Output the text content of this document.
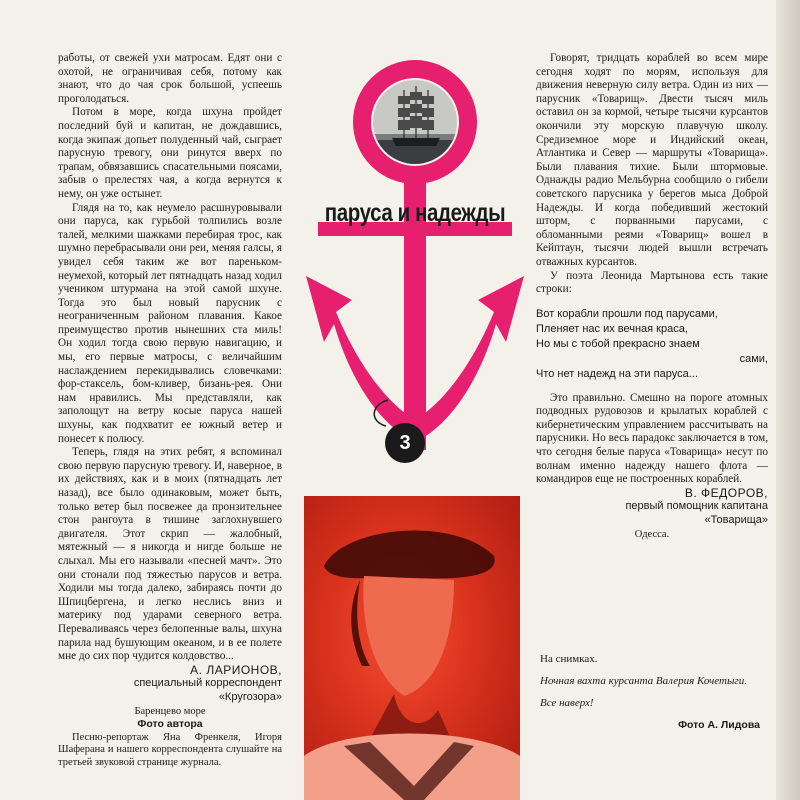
работы, от свежей ухи матросам. Едят они с охотой, не ограничивая себя, потому как знают, что до чая срок большой, успеешь проголодаться.

Потом в море, когда шхуна пройдет последний буй и капитан, не дождавшись, когда экипаж допьет полуденный чай, сыграет парусную тревогу, они ринутся вверх по трапам, обвязавшись спасательными поясами, забыв о прелестях чая, а когда вернутся к нему, он уже остынет.

Глядя на то, как неумело расшнуровывали они паруса, как гурьбой толпились возле талей, мелкими шажками перебирая трос, как шумно перебрасывали они реи, меняя галсы, я увидел себя таким же вот пареньком-неумехой, который лет пятнадцать назад ходил учеником штурмана на этой самой шхуне. Тогда это был новый парусник с неограниченным районом плавания. Какое преимущество против нынешних ста миль! Он ходил тогда свою первую навигацию, и мы, его первые матросы, с величайшим наслаждением перекидывались словечками: фор-стаксель, бом-кливер, бизань-рея. Они нам нравились. Мы представляли, как заполощут на ветру косые паруса нашей шхуны, как подхватит ее южный ветер и понесет к полюсу.

Теперь, глядя на этих ребят, я вспоминал свою первую парусную тревогу. И, наверное, в их действиях, как и в моих (пятнадцать лет назад), все было одинаковым, может быть, только ветер был посвежее да пронзительнее стон рангоута в тишине заглохнувшего двигателя. Этот скрип — жалобный, мятежный — я никогда и нигде больше не слыхал. Мы его называли «песней мачт». Это они стонали под тяжестью парусов и ветра. Ходили мы тогда далеко, забираясь почти до Шпицбергена, и легко неслись вниз и материку под ударами северного ветра. Переваливаясь через белопенные валы, шхуна парила над бушующим океаном, и в ее полете мне до сих пор чудится колдовство...

А. ЛАРИОНОВ,

специальный корреспондент

«Кругозора»

Баренцево море

Фото автора

Песню-репортаж Яна Френкеля, Игоря Шаферана и нашего корреспондента слушайте на третьей звуковой странице журнала.

3
паруса и надежды

Говорят, тридцать кораблей во всем мире сегодня ходят по морям, используя для движения неверную силу ветра. Один из них — парусник «Товарищ». Двести тысяч миль оставил он за кормой, четыре тысячи курсантов окончили эту морскую плавучую школу. Средиземное море и Индийский океан, Атлантика и Север — маршруты «Товарища». Были плавания тихие. Были штормовые. Однажды радио Мельбурна сообщило о гибели советского парусника у берегов мыса Доброй Надежды. И когда победивший жестокий шторм, с порванными парусами, с обломанными реями «Товарищ» вошел в Кейптаун, тысячи людей вышли встречать отважных курсантов.

У поэта Леонида Мартынова есть такие строки:

Вот корабли прошли под парусами,
Пленяет нас их вечная краса,
Но мы с тобой прекрасно знаем
сами,
Что нет надежд на эти паруса...

Это правильно. Смешно на пороге атомных подводных рудовозов и крылатых кораблей с кибернетическим управлением рассчитывать на парусники. Но весь парадокс заключается в том, что сегодня белые паруса «Товарища» несут по волнам именно надежду нашего флота — командиров еще не построенных кораблей.

В. ФЕДОРОВ,

первый помощник капитана

«Товарища»

Одесса.

На снимках.
Ночная вахта курсанта Валерия Кочетыги.
Все наверх!
Фото А. Лидова
